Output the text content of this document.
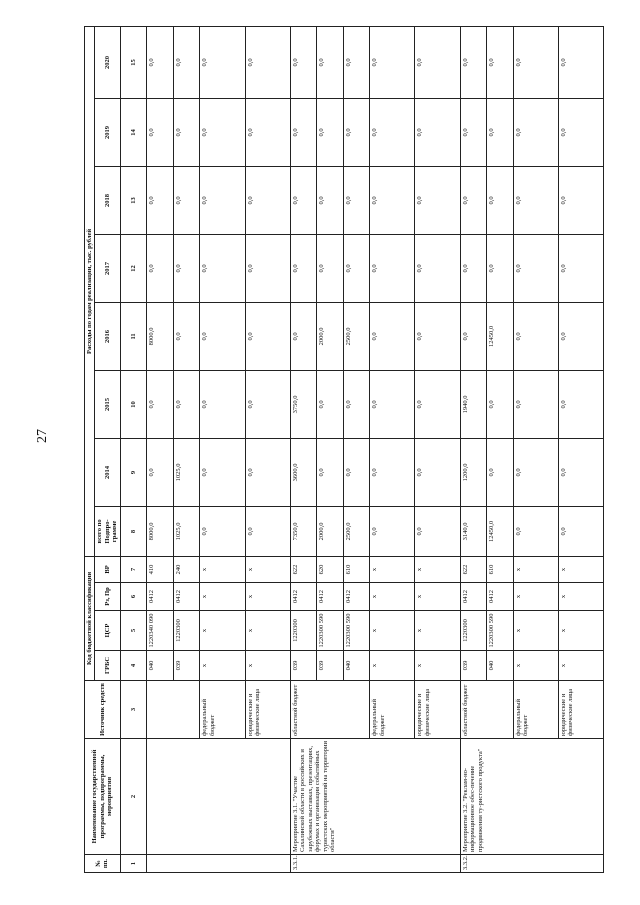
27
№ пп.	Наименование государственной программы, подпрограммы, мероприятия	Источник средств	Код бюджетной классификации				Расходы по годам реализации, тыс. рублей							
			ГРБС	ЦСР	Рз, Пр	ВР	всего по Подпро-грамме	2014	2015	2016	2017	2018	2019	2020

1	2	3	4	5	6	7	8	9	10	11	12	13	14	15
			040	1220340 090	0412	410	8000,0	0,0	0,0	8000,0	0,0	0,0	0,0	0,0
			039	1220300	0412	240	1025,0	1025,0	0,0	0,0	0,0	0,0	0,0	0,0
		федеральный бюджет	х	х	х	х	0,0	0,0	0,0	0,0	0,0	0,0	0,0	0,0
		юридические и физические лица	х	х	х	х	0,0	0,0	0,0	0,0	0,0	0,0	0,0	0,0
3.3.1.	Мероприятие 3.1. "Участие Сахалинской области в российских и зарубежных выставках, презентациях, форумах и организация событийных туристских мероприятий на территории области"	областной бюджет	039	1220300	0412	622	7350,0	3600,0	3750,0	0,0	0,0	0,0	0,0	0,0
			039	1220300 590	0412	620	2000,0	0,0	0,0	2000,0	0,0	0,0	0,0	0,0
			040	1220300 590	0412	610	2500,0	0,0	0,0	2500,0	0,0	0,0	0,0	0,0
		федеральный бюджет	х	х	х	х	0,0	0,0	0,0	0,0	0,0	0,0	0,0	0,0
		юридические и физические лица	х	х	х	х	0,0	0,0	0,0	0,0	0,0	0,0	0,0	0,0
3.3.2.	Мероприятие 3.2. "Реклам-но-информационное обес-печение продвижения ту-ристского продукта"	областной бюджет	039	1220300	0412	622	3140,0	1200,0	1940,0	0,0	0,0	0,0	0,0	0,0
			040	1220300 590	0412	610	12450,0	0,0	0,0	12450,0	0,0	0,0	0,0	0,0
		федеральный бюджет	х	х	х	х	0,0	0,0	0,0	0,0	0,0	0,0	0,0	0,0
		юридические и физические лица	х	х	х	х	0,0	0,0	0,0	0,0	0,0	0,0	0,0	0,0
